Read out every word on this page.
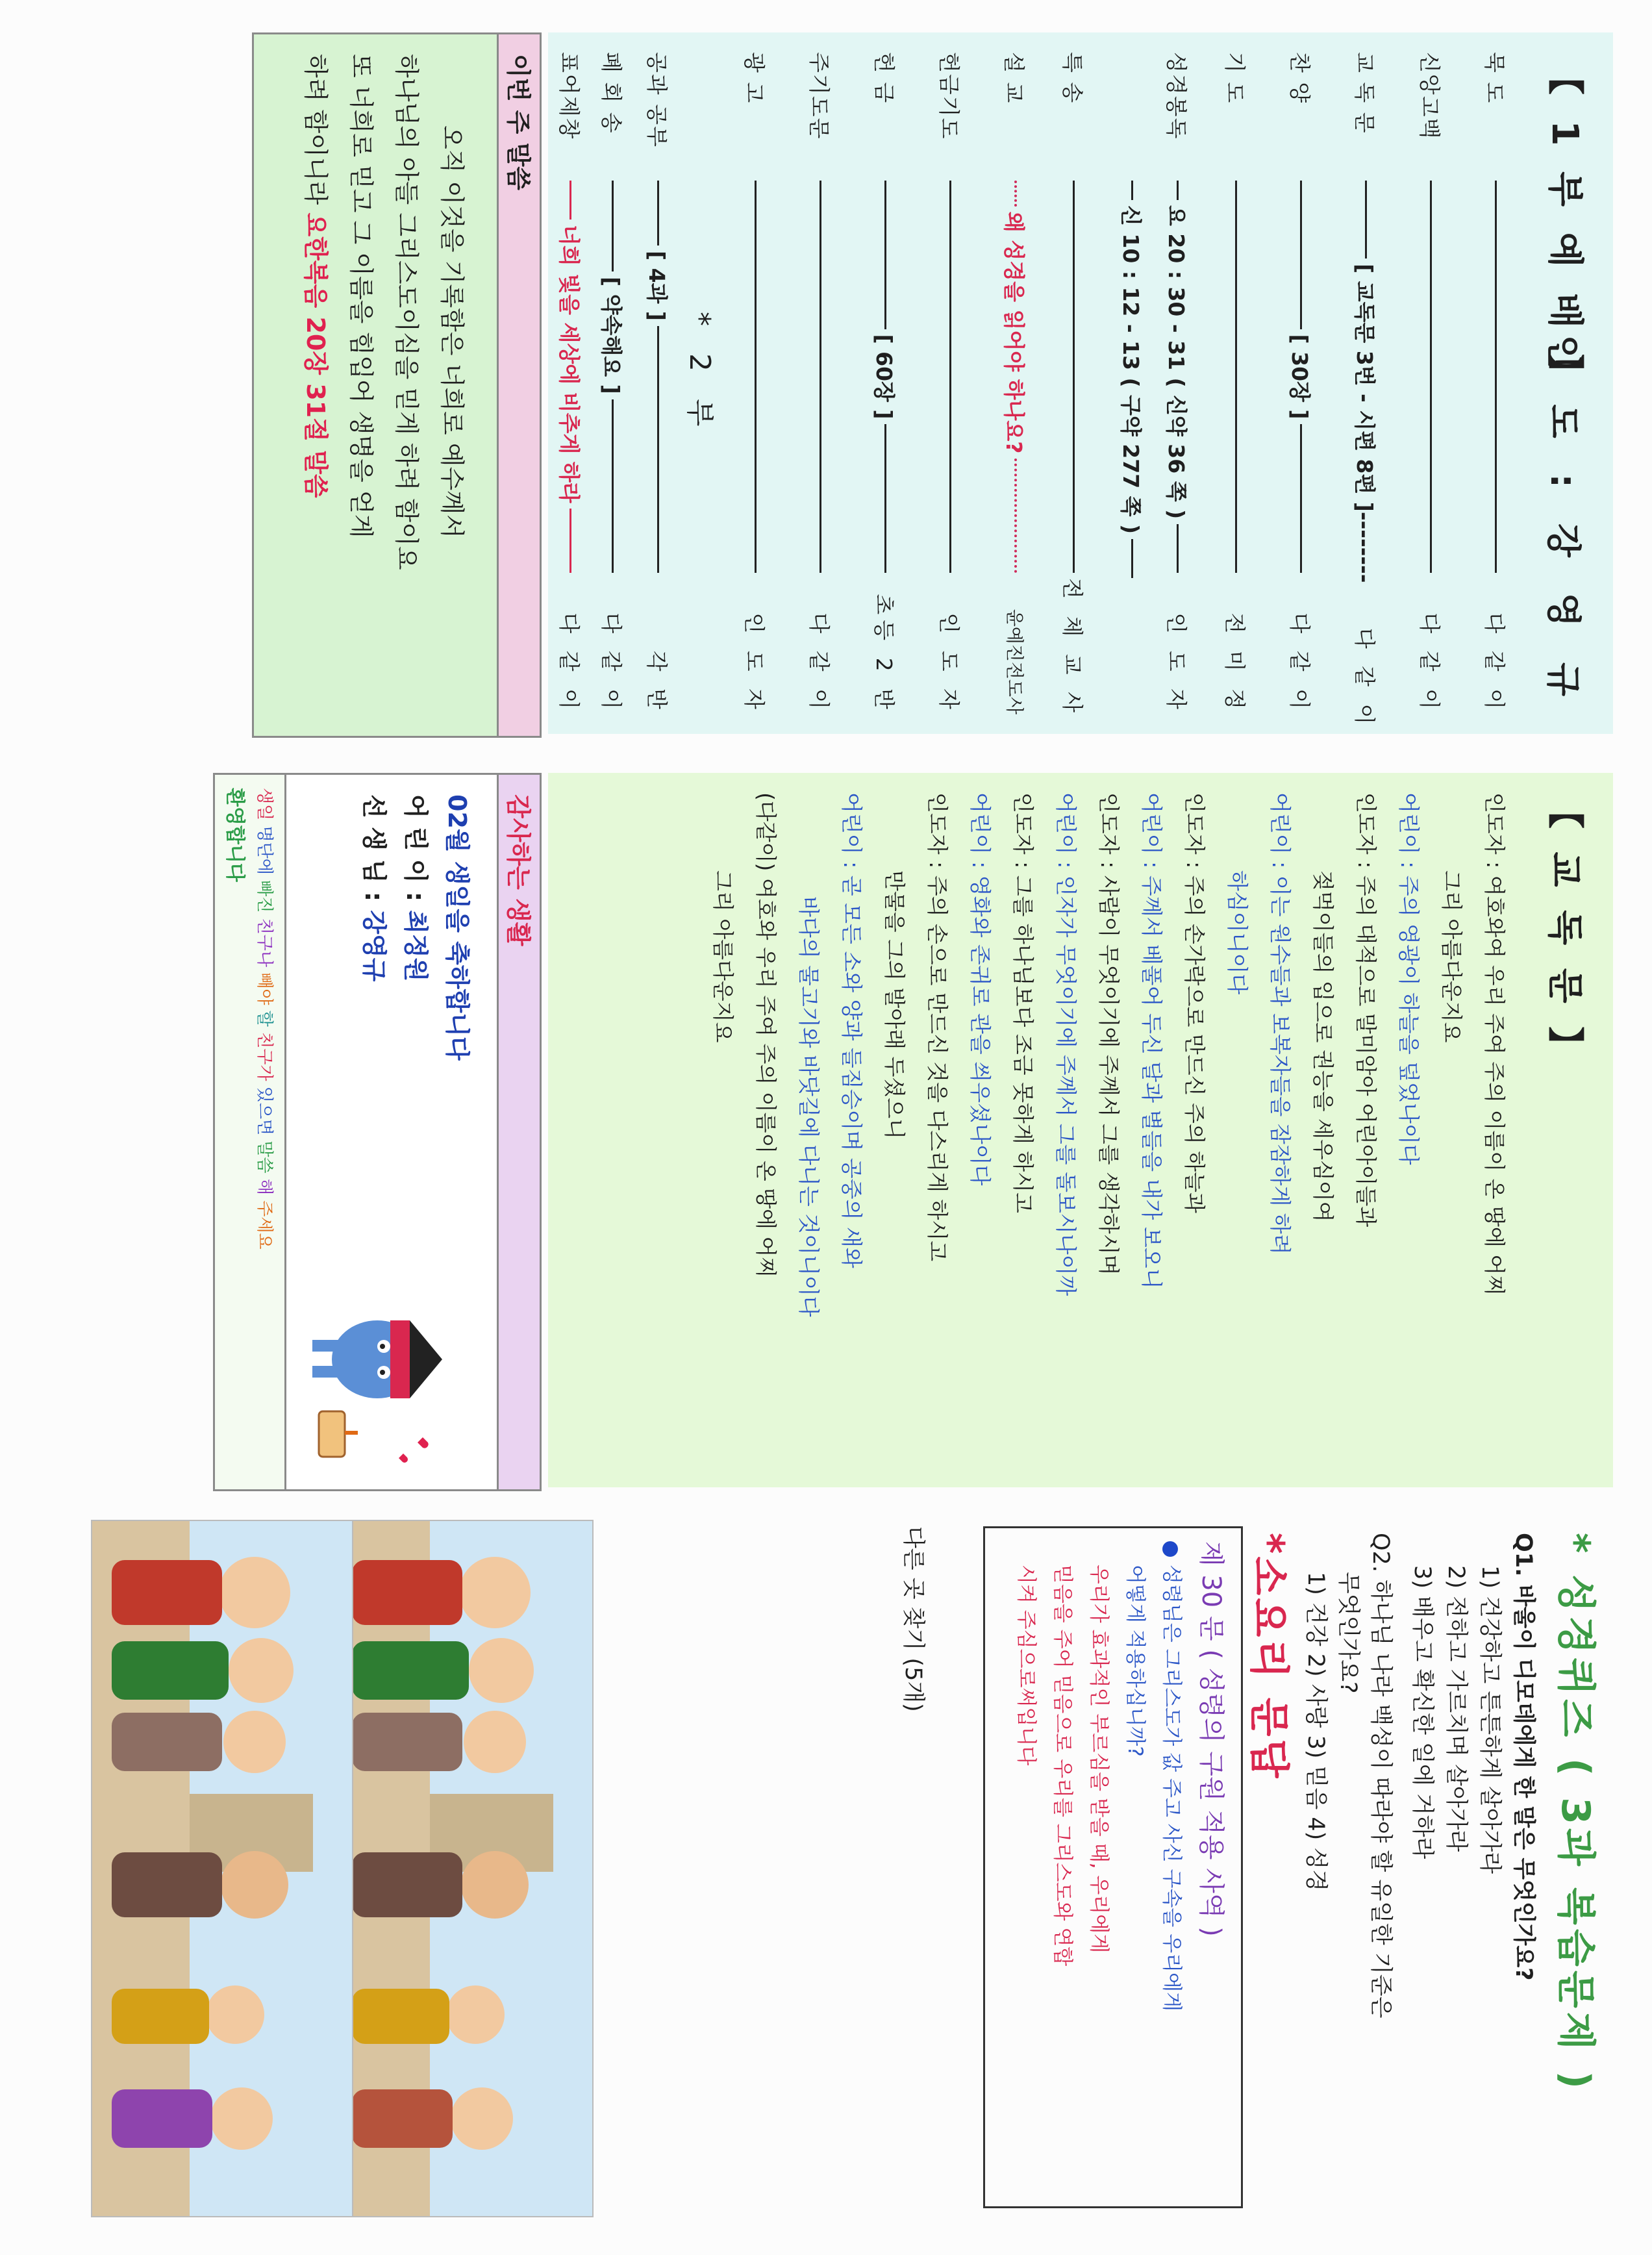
【 1 부 예 배 】
인 도 : 강 영 규
묵 도
다 같 이
신앙고백
다 같 이
교 독 문
[ 교독문 3번 - 시편 8편 ]--------
다 같 이
찬 양
[ 30장 ]
다 같 이
기 도
전 미 정
성경봉독
요 20 : 30 - 31 ( 신약 36 쪽 )
인 도 자
신 10 : 12 - 13 ( 구약 277 쪽 )
특 송
전 체 교 사
설 교
왜 성경을 읽어야 하나요?
윤예진전도사
헌금기도
인 도 자
헌 금
[ 60장 ]
초등 2 반
주기도문
다 같 이
광 고
인 도 자
* 2 부
공과 공부
[ 4과 ]
각 반
폐 회 송
[ 약속해요 ]
다 같 이
표어제창
너희 빛을 세상에 비추게 하라
다 같 이
이번 주 말씀
오직 이것을 기록함은 너희로 예수께서
하나님의 아들 그리스도이심을 믿게 하려 함이요
또 너희로 믿고 그 이름을 힘입어 생명을 얻게
하려 함이니라 요한복음 20장 31절 말씀
【 교 독 문 】
인도자 : 여호와여 우리 주여 주의 이름이 온 땅에 어찌
그리 아름다운지요
어린이 : 주의 영광이 하늘을 덮었나이다
인도자 : 주의 대적으로 말미암아 어린아이들과
젖먹이들의 입으로 권능을 세우심이여
어린이 : 이는 원수들과 보복자들을 잠잠하게 하려
하심이니이다
인도자 : 주의 손가락으로 만드신 주의 하늘과
어린이 : 주께서 베풀어 두신 달과 별들을 내가 보오니
인도자 : 사람이 무엇이기에 주께서 그를 생각하시며
어린이 : 인자가 무엇이기에 주께서 그를 돌보시나이까
인도자 : 그를 하나님보다 조금 못하게 하시고
어린이 : 영화와 존귀로 관을 씌우셨나이다
인도자 : 주의 손으로 만드신 것을 다스리게 하시고
만물을 그의 발아래 두셨으니
어린이 : 곧 모든 소와 양과 들짐승이며 공중의 새와
바다의 물고기와 바닷길에 다니는 것이니이다
(다같이) 여호와 우리 주여 주의 이름이 온 땅에 어찌
그리 아름다운지요
감사하는 생활
02월 생일을 축하합니다
어 린 이 : 최정원
선 생 님 : 강영규
생일 명단에 빠진 친구나 빼야 할 친구가 있으면 말씀 해 주세요
환영합니다
* 성경퀴즈 ( 3과 복습문제 )
Q1. 바울이 디모데에게 한 말은 무엇인가요?
1) 건강하고 튼튼하게 살아가라
2) 전하고 가르치며 살아가라
3) 배우고 확신한 일에 거하라
Q2. 하나님 나라 백성이 따라야 할 유일한 기준은
무엇인가요?
1) 건강 2) 사랑 3) 믿음 4) 성경
*소요리 문답
제 30 문 ( 성령의 구원 적용 사역 )
성령님은 그리스도가 값 주고 사신 구속을 우리에게
어떻게 적용하십니까?
우리가 효과적인 부르심을 받을 때, 우리에게
믿음을 주어 믿음으로 우리를 그리스도와 연합
시켜 주심으로써입니다
다른 곳 찾기 (5개)
